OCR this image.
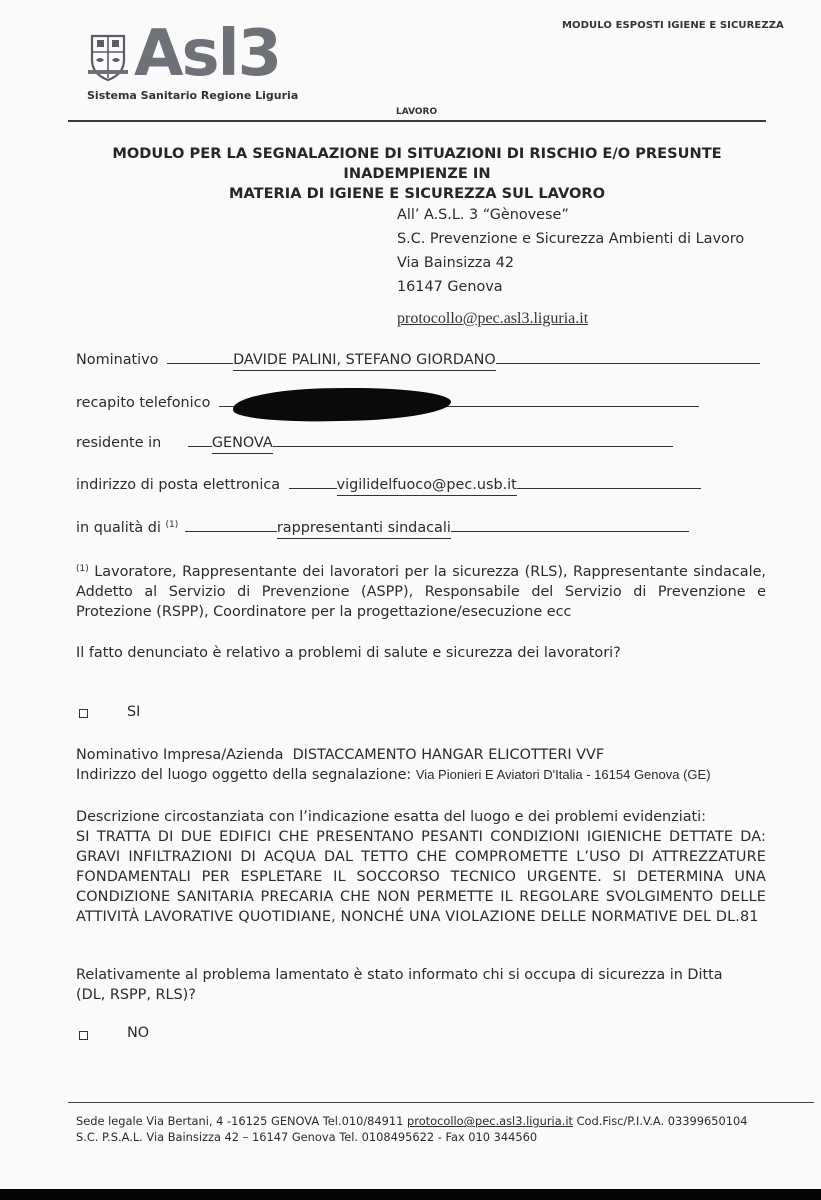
MODULO ESPOSTI IGIENE E SICUREZZA
Asl3
Sistema Sanitario Regione Liguria
LAVORO
MODULO PER LA SEGNALAZIONE DI SITUAZIONI DI RISCHIO E/O PRESUNTE INADEMPIENZE IN
MATERIA DI IGIENE E SICUREZZA SUL LAVORO
All’ A.S.L. 3 “Gènovese”
S.C. Prevenzione e Sicurezza Ambienti di Lavoro
Via Bainsizza 42
16147 Genova
protocollo@pec.asl3.liguria.it
Nominativo	DAVIDE PALINI, STEFANO GIORDANO
recapito telefonico
residente in	GENOVA
indirizzo di posta elettronica	vigilidelfuoco@pec.usb.it
in qualità di $^{(1)}$	rappresentanti sindacali
$^{(1)}$ Lavoratore, Rappresentante dei lavoratori per la sicurezza (RLS), Rappresentante sindacale, Addetto al Servizio di Prevenzione (ASPP), Responsabile del Servizio di Prevenzione e Protezione (RSPP), Coordinatore per la progettazione/esecuzione ecc
Il fatto denunciato è relativo a problemi di salute e sicurezza dei lavoratori?
SI
Nominativo Impresa/Azienda DISTACCAMENTO HANGAR ELICOTTERI VVF
Indirizzo del luogo oggetto della segnalazione: Via Pionieri E Aviatori D'Italia - 16154 Genova (GE)
Descrizione circostanziata con l’indicazione esatta del luogo e dei problemi evidenziati:
SI TRATTA DI DUE EDIFICI CHE PRESENTANO PESANTI CONDIZIONI IGIENICHE DETTATE DA: GRAVI INFILTRAZIONI DI ACQUA DAL TETTO CHE COMPROMETTE L’USO DI ATTREZZATURE FONDAMENTALI PER ESPLETARE IL SOCCORSO TECNICO URGENTE. SI DETERMINA UNA CONDIZIONE SANITARIA PRECARIA CHE NON PERMETTE IL REGOLARE SVOLGIMENTO DELLE ATTIVITÀ LAVORATIVE QUOTIDIANE, NONCHÉ UNA VIOLAZIONE DELLE NORMATIVE DEL DL.81
Relativamente al problema lamentato è stato informato chi si occupa di sicurezza in Ditta (DL, RSPP, RLS)?
NO
Sede legale Via Bertani, 4 -16125 GENOVA Tel.010/84911 protocollo@pec.asl3.liguria.it Cod.Fisc/P.I.V.A. 03399650104
S.C. P.S.A.L. Via Bainsizza 42 – 16147 Genova Tel. 0108495622 - Fax 010 344560
